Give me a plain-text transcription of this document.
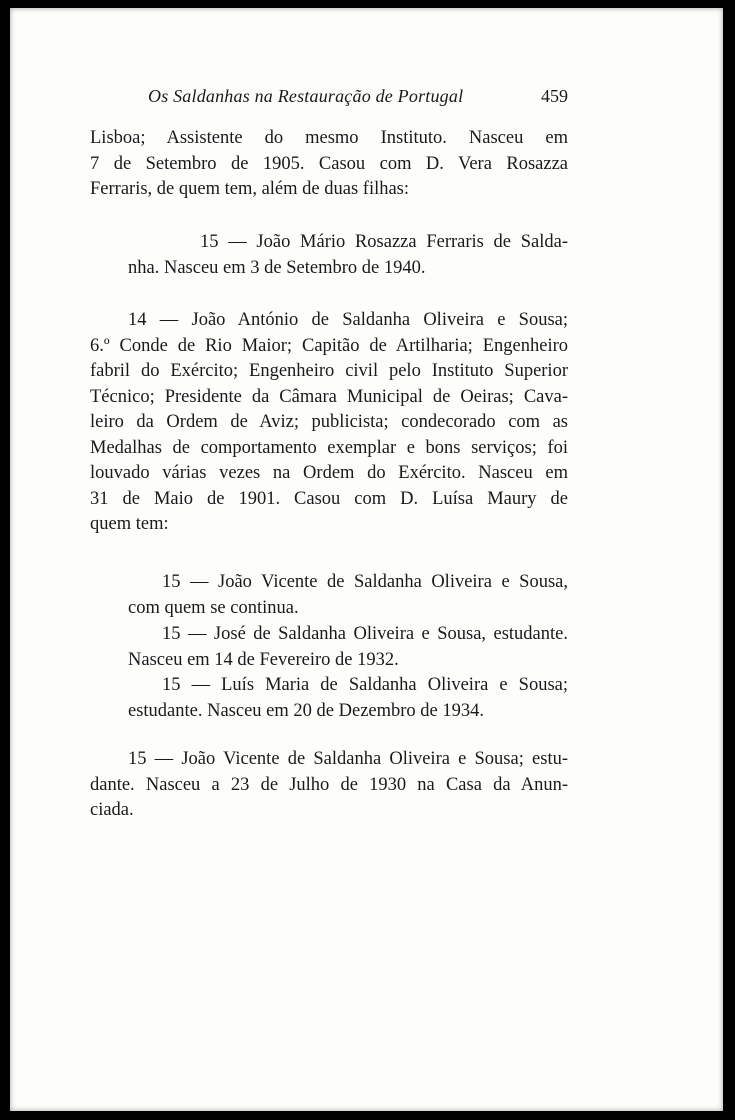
Os Saldanhas na Restauração de Portugal	459
Lisboa; Assistente do mesmo Instituto. Nasceu em
7 de Setembro de 1905. Casou com D. Vera Rosazza
Ferraris, de quem tem, além de duas filhas:
15 — João Mário Rosazza Ferraris de Salda-
nha. Nasceu em 3 de Setembro de 1940.
14 — João António de Saldanha Oliveira e Sousa;
6.º Conde de Rio Maior; Capitão de Artilharia; Engenheiro
fabril do Exército; Engenheiro civil pelo Instituto Superior
Técnico; Presidente da Câmara Municipal de Oeiras; Cava-
leiro da Ordem de Aviz; publicista; condecorado com as
Medalhas de comportamento exemplar e bons serviços; foi
louvado várias vezes na Ordem do Exército. Nasceu em
31 de Maio de 1901. Casou com D. Luísa Maury de
quem tem:
15 — João Vicente de Saldanha Oliveira e Sousa,
com quem se continua.
15 — José de Saldanha Oliveira e Sousa, estudante.
Nasceu em 14 de Fevereiro de 1932.
15 — Luís Maria de Saldanha Oliveira e Sousa;
estudante. Nasceu em 20 de Dezembro de 1934.
15 — João Vicente de Saldanha Oliveira e Sousa; estu-
dante. Nasceu a 23 de Julho de 1930 na Casa da Anun-
ciada.
